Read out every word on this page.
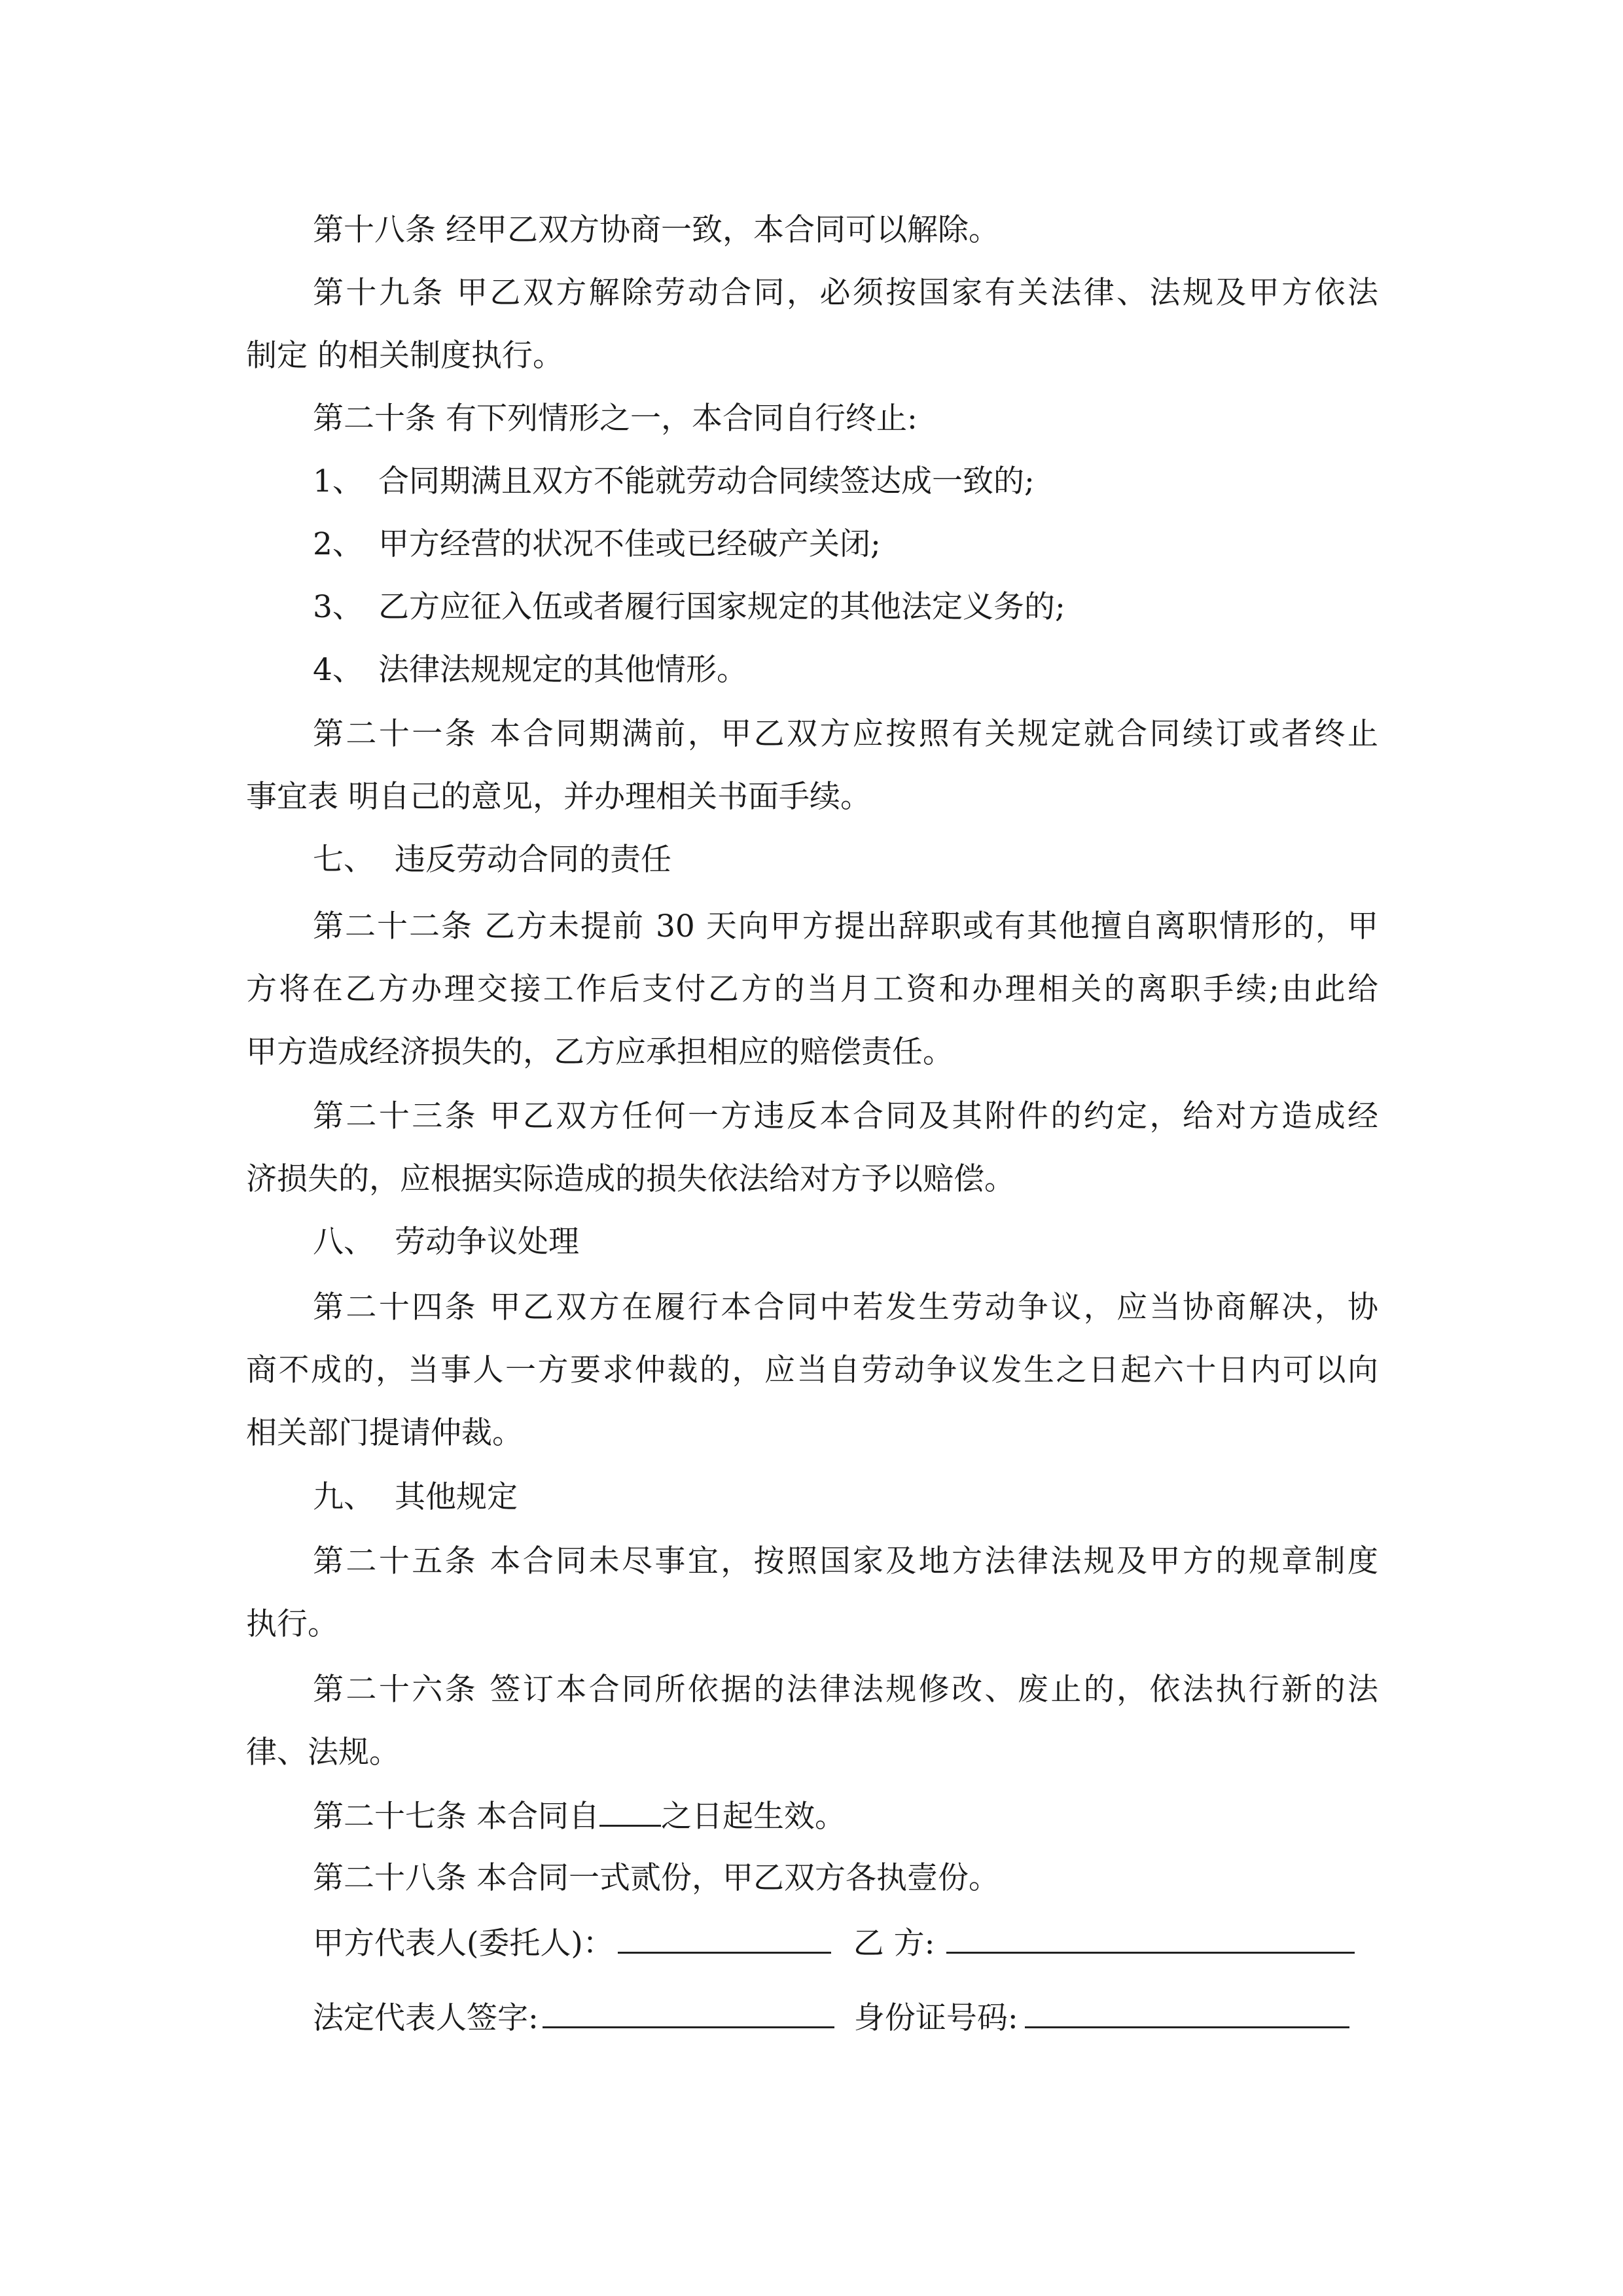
第十八条 经甲乙双方协商一致，本合同可以解除。
第十九条 甲乙双方解除劳动合同，必须按国家有关法律、法规及甲方依法
制定 的相关制度执行。
第二十条 有下列情形之一，本合同自行终止:
1、 合同期满且双方不能就劳动合同续签达成一致的;
2、 甲方经营的状况不佳或已经破产关闭;
3、 乙方应征入伍或者履行国家规定的其他法定义务的;
4、 法律法规规定的其他情形。
第二十一条 本合同期满前，甲乙双方应按照有关规定就合同续订或者终止
事宜表 明自己的意见，并办理相关书面手续。
七、 违反劳动合同的责任
第二十二条 乙方未提前 30 天向甲方提出辞职或有其他擅自离职情形的，甲
方将在乙方办理交接工作后支付乙方的当月工资和办理相关的离职手续;由此给
甲方造成经济损失的，乙方应承担相应的赔偿责任。
第二十三条 甲乙双方任何一方违反本合同及其附件的约定，给对方造成经
济损失的，应根据实际造成的损失依法给对方予以赔偿。
八、 劳动争议处理
第二十四条 甲乙双方在履行本合同中若发生劳动争议，应当协商解决，协
商不成的，当事人一方要求仲裁的，应当自劳动争议发生之日起六十日内可以向
相关部门提请仲裁。
九、 其他规定
第二十五条 本合同未尽事宜，按照国家及地方法律法规及甲方的规章制度
执行。
第二十六条 签订本合同所依据的法律法规修改、废止的，依法执行新的法
律、法规。
第二十七条 本合同自 之日起生效。
第二十八条 本合同一式贰份，甲乙双方各执壹份。
甲方代表人(委托人)：	乙 方:
法定代表人签字:	身份证号码:
